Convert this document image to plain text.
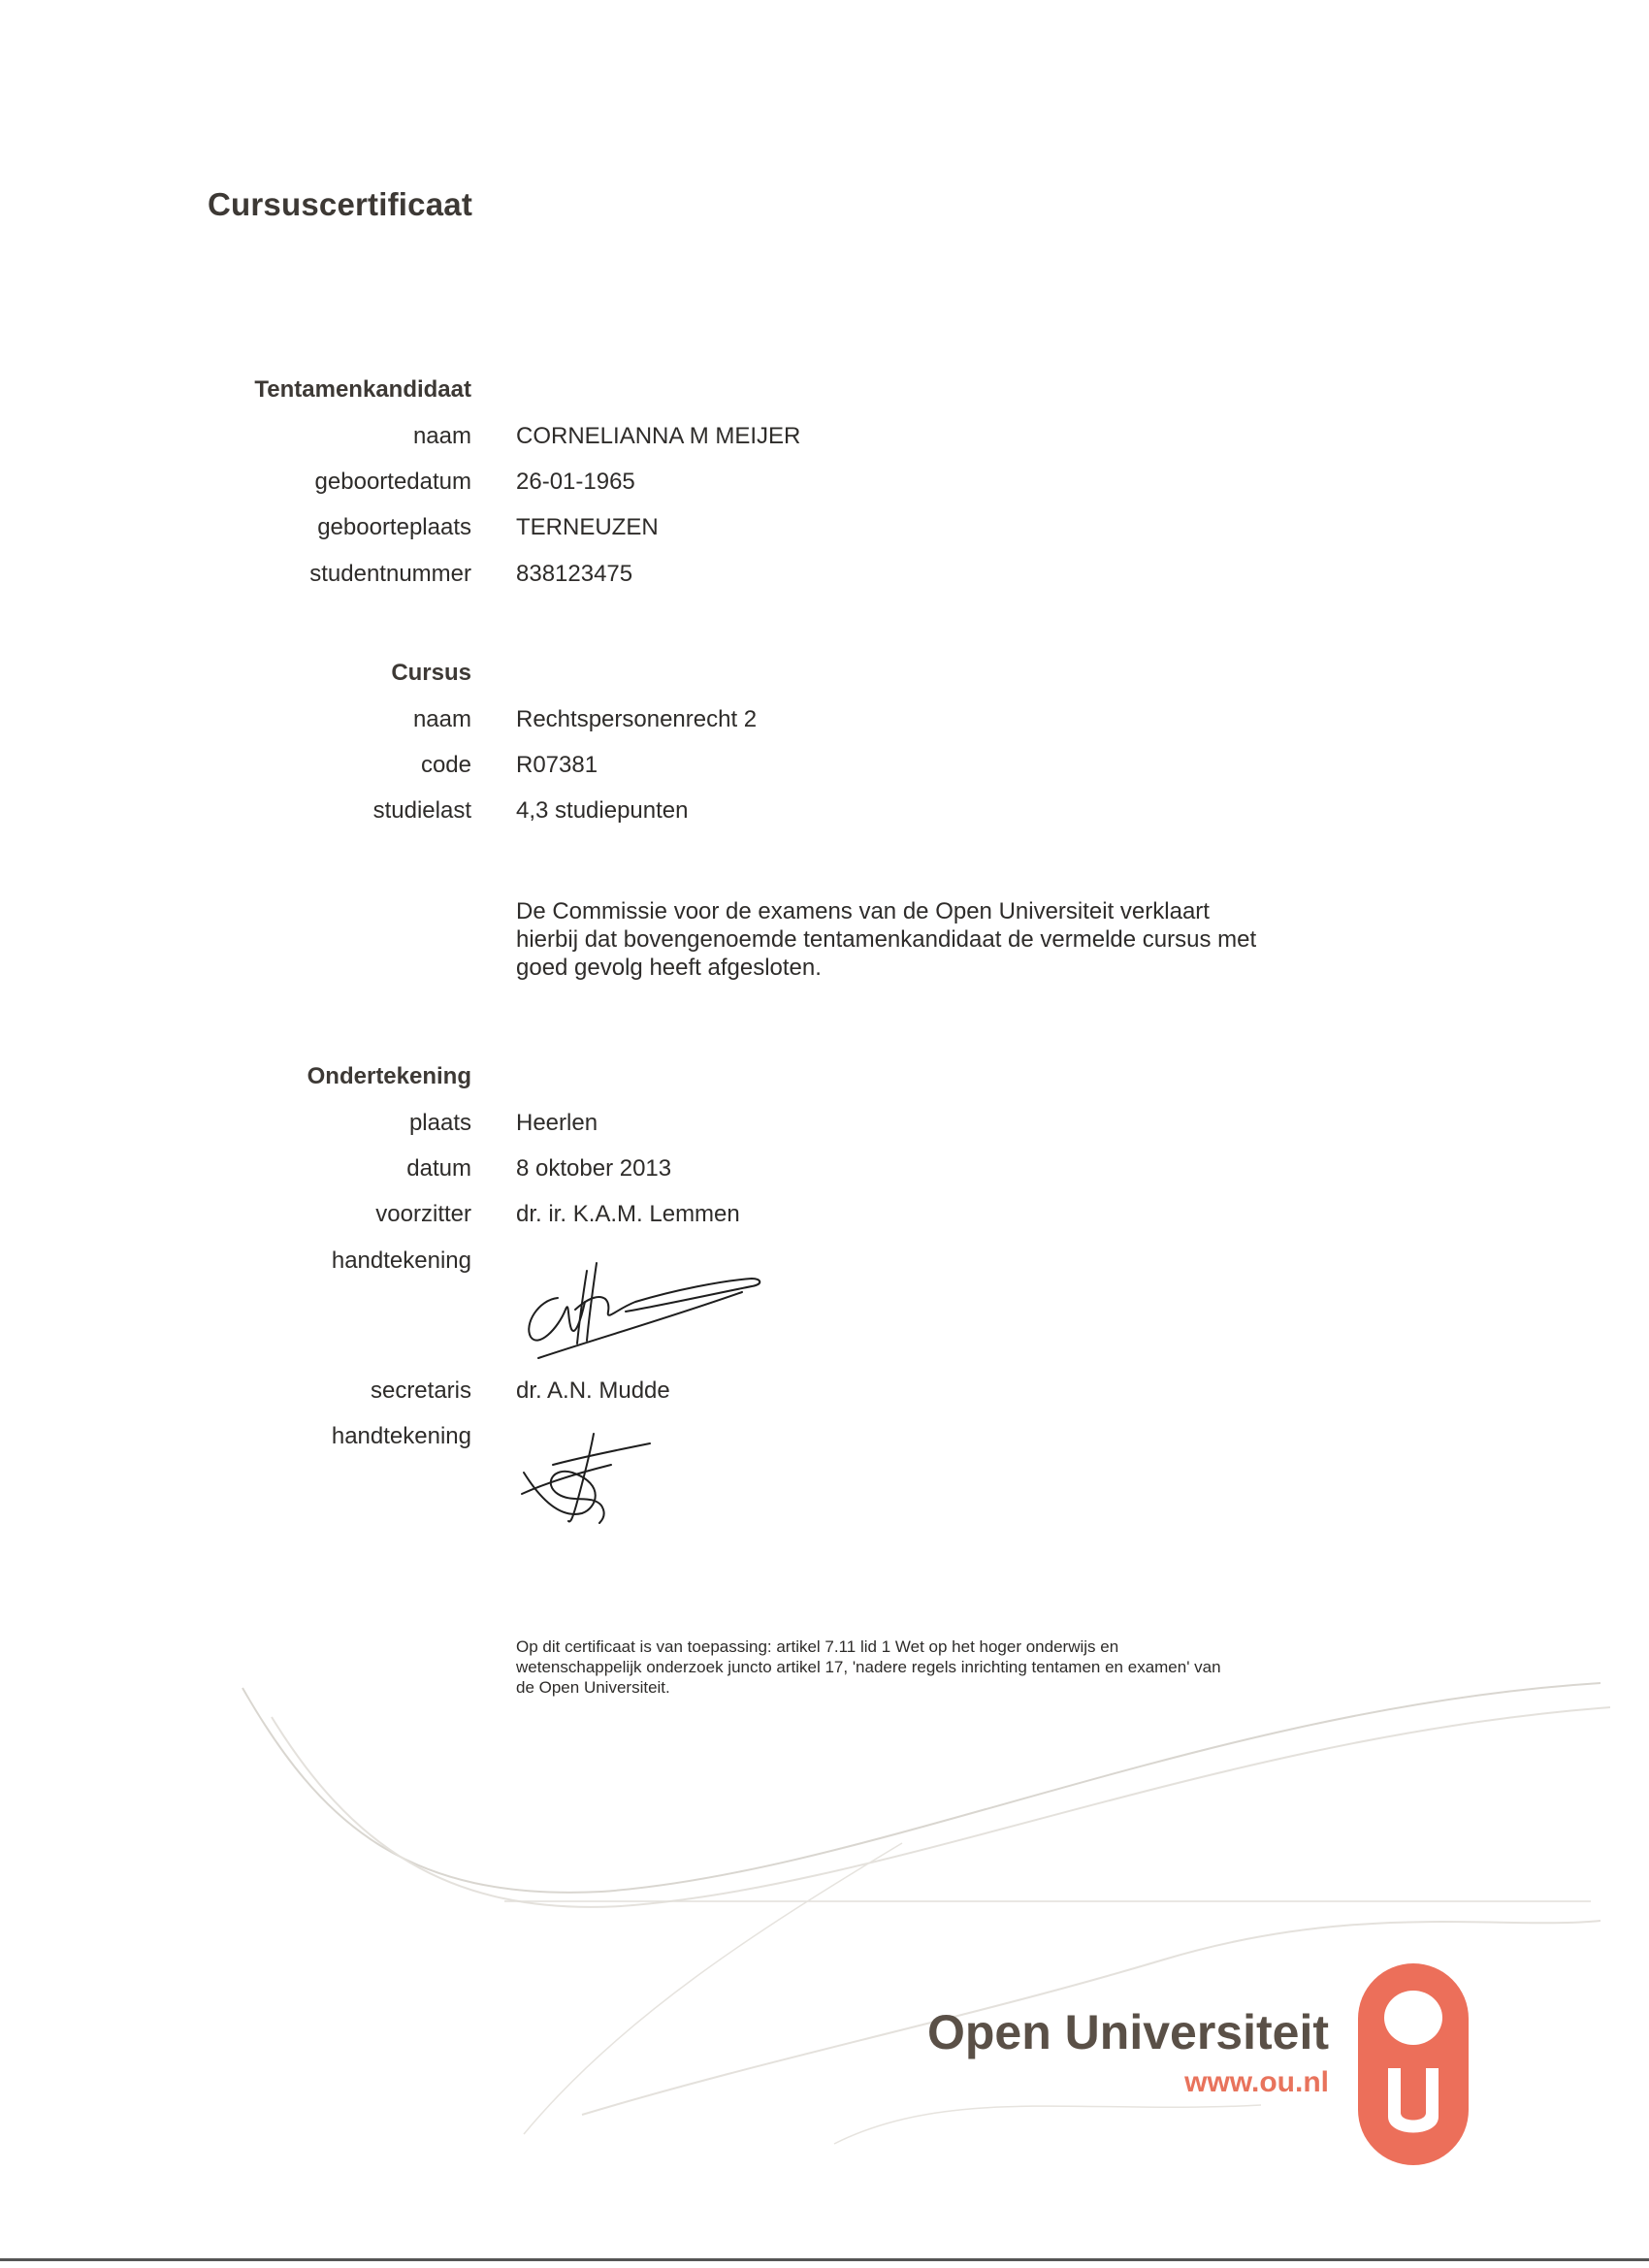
Cursuscertificaat
Tentamenkandidaat
naam CORNELIANNA M MEIJER
geboortedatum 26-01-1965
geboorteplaats TERNEUZEN
studentnummer 838123475
Cursus
naam Rechtspersonenrecht 2
code R07381
studielast 4,3 studiepunten
De Commissie voor de examens van de Open Universiteit verklaart hierbij dat bovengenoemde tentamenkandidaat de vermelde cursus met goed gevolg heeft afgesloten.
Ondertekening
plaats Heerlen
datum 8 oktober 2013
voorzitter dr. ir. K.A.M. Lemmen
handtekening
secretaris dr. A.N. Mudde
handtekening
Op dit certificaat is van toepassing: artikel 7.11 lid 1 Wet op het hoger onderwijs en wetenschappelijk onderzoek juncto artikel 17, 'nadere regels inrichting tentamen en examen' van de Open Universiteit.
Open Universiteit
www.ou.nl
